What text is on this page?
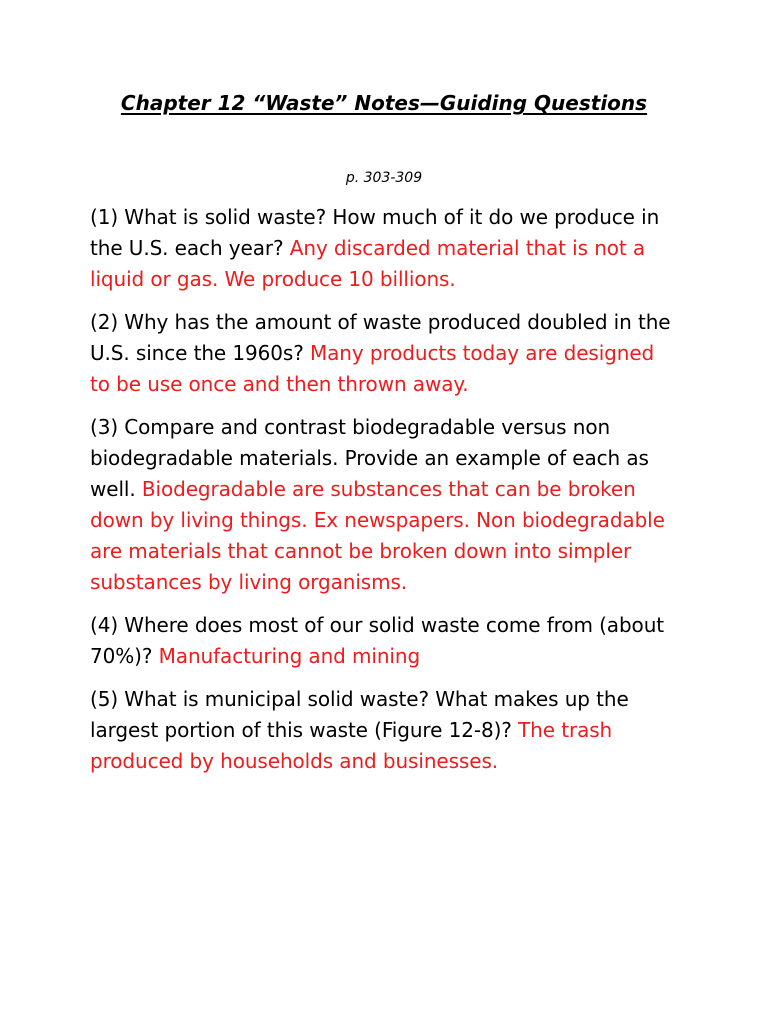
Chapter 12 “Waste” Notes—Guiding Questions

p. 303-309

(1) What is solid waste? How much of it do we produce in the U.S. each year? Any discarded material that is not a liquid or gas. We produce 10 billions.
(2) Why has the amount of waste produced doubled in the U.S. since the 1960s? Many products today are designed to be use once and then thrown away.
(3) Compare and contrast biodegradable versus non biodegradable materials. Provide an example of each as well. Biodegradable are substances that can be broken down by living things. Ex newspapers. Non biodegradable are materials that cannot be broken down into simpler substances by living organisms.
(4) Where does most of our solid waste come from (about 70%)? Manufacturing and mining
(5) What is municipal solid waste? What makes up the largest portion of this waste (Figure 12-8)? The trash produced by households and businesses.
